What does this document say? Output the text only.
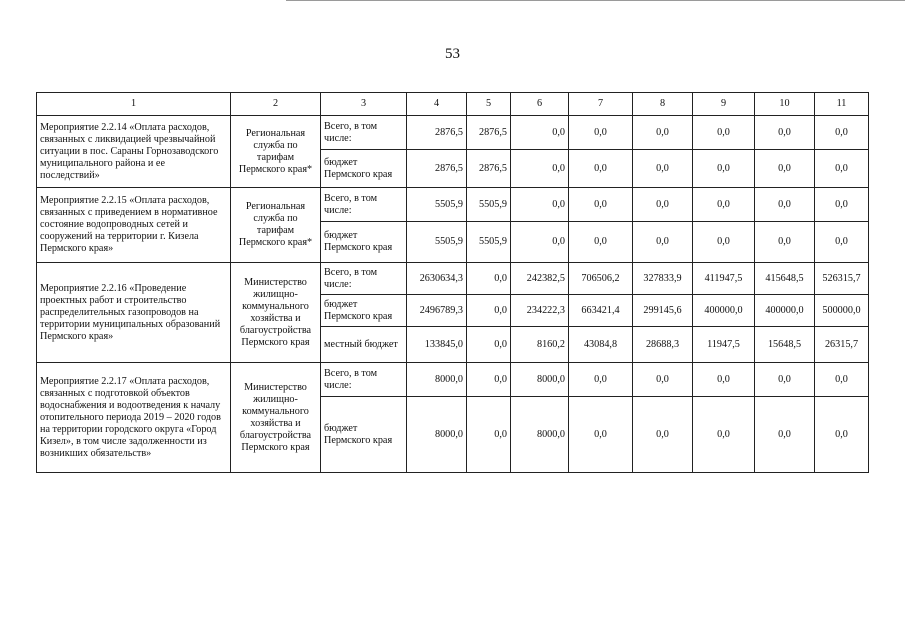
53
1	2	3	4	5	6	7	8	9	10	11
Мероприятие 2.2.14 «Оплата расходов, связанных с ликвидацией чрезвычайной ситуации в пос. Сараны Горнозаводского муниципального района и ее последствий»	Региональная служба по тарифам Пермского края*	Всего, в том числе:	2876,5	2876,5	0,0	0,0	0,0	0,0	0,0	0,0
		бюджет Пермского края	2876,5	2876,5	0,0	0,0	0,0	0,0	0,0	0,0
Мероприятие 2.2.15 «Оплата расходов, связанных с приведением в нормативное состояние водопроводных сетей и сооружений на территории г. Кизела Пермского края»	Региональная служба по тарифам Пермского края*	Всего, в том числе:	5505,9	5505,9	0,0	0,0	0,0	0,0	0,0	0,0
		бюджет Пермского края	5505,9	5505,9	0,0	0,0	0,0	0,0	0,0	0,0
Мероприятие 2.2.16 «Проведение проектных работ и строительство распределительных газопроводов на территории муниципальных образований Пермского края»	Министерство жилищно-коммунального хозяйства и благоустройства Пермского края	Всего, в том числе:	2630634,3	0,0	242382,5	706506,2	327833,9	411947,5	415648,5	526315,7
		бюджет Пермского края	2496789,3	0,0	234222,3	663421,4	299145,6	400000,0	400000,0	500000,0
		местный бюджет	133845,0	0,0	8160,2	43084,8	28688,3	11947,5	15648,5	26315,7
Мероприятие 2.2.17 «Оплата расходов, связанных с подготовкой объектов водоснабжения и водоотведения к началу отопительного периода 2019 – 2020 годов на территории городского округа «Город Кизел», в том числе задолженности из возникших обязательств»	Министерство жилищно-коммунального хозяйства и благоустройства Пермского края	Всего, в том числе:	8000,0	0,0	8000,0	0,0	0,0	0,0	0,0	0,0
		бюджет Пермского края	8000,0	0,0	8000,0	0,0	0,0	0,0	0,0	0,0
